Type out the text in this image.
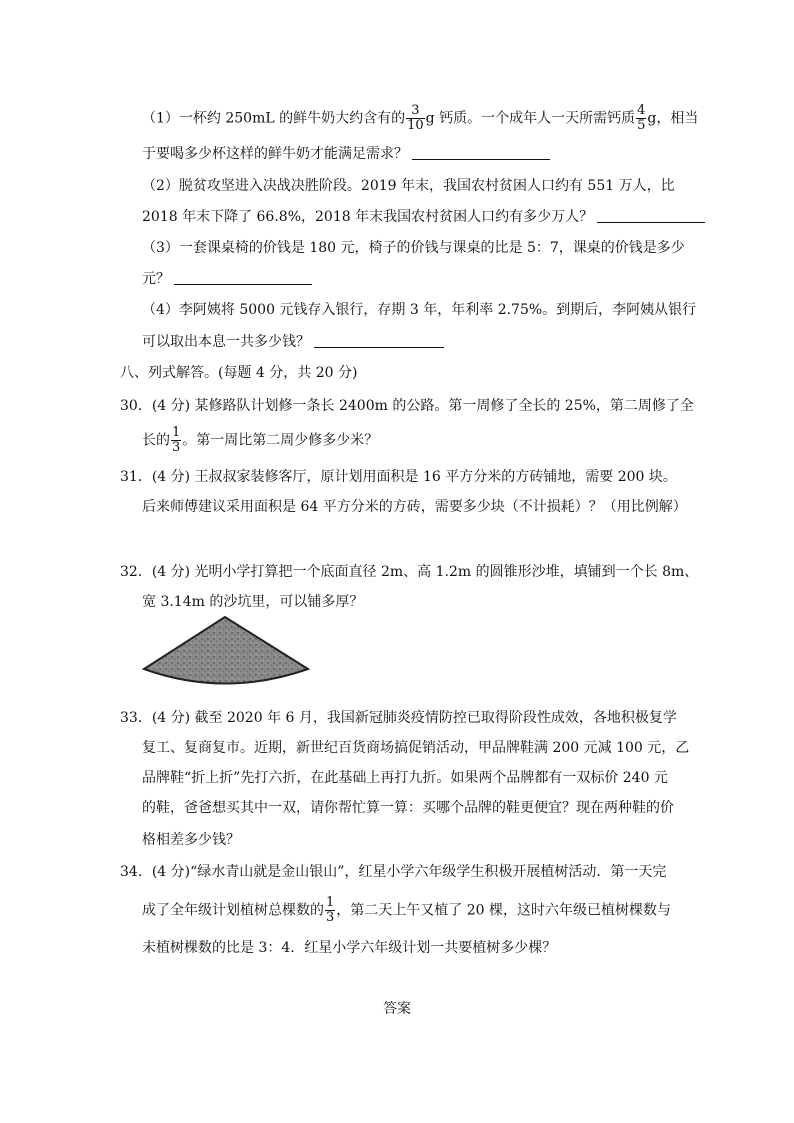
（1）一杯约 250mL 的鲜牛奶大约含有的 $\frac{3}{10}$ g 钙质。一个成年人一天所需钙质 $\frac{4}{5}$ g，相当
于要喝多少杯这样的鲜牛奶才能满足需求？
（2）脱贫攻坚进入决战决胜阶段。2019 年末，我国农村贫困人口约有 551 万人，比
2018 年末下降了 66.8%，2018 年末我国农村贫困人口约有多少万人？
（3）一套课桌椅的价钱是 180 元，椅子的价钱与课桌的比是 5：7，课桌的价钱是多少
元？
（4）李阿姨将 5000 元钱存入银行，存期 3 年，年利率 2.75%。到期后，李阿姨从银行
可以取出本息一共多少钱？
八、列式解答。(每题 4 分，共 20 分)
30．(4 分) 某修路队计划修一条长 2400m 的公路。第一周修了全长的 25%，第二周修了全
长的 $\frac{1}{3}$ 。第一周比第二周少修多少米？
31．(4 分) 王叔叔家装修客厅，原计划用面积是 16 平方分米的方砖铺地，需要 200 块。
后来师傅建议采用面积是 64 平方分米的方砖，需要多少块（不计损耗）？（用比例解）
32．(4 分) 光明小学打算把一个底面直径 2m、高 1.2m 的圆锥形沙堆，填铺到一个长 8m、
宽 3.14m 的沙坑里，可以铺多厚？
33．(4 分) 截至 2020 年 6 月，我国新冠肺炎疫情防控已取得阶段性成效，各地积极复学
复工、复商复市。近期，新世纪百货商场搞促销活动，甲品牌鞋满 200 元减 100 元，乙
品牌鞋“折上折”先打六折，在此基础上再打九折。如果两个品牌都有一双标价 240 元
的鞋，爸爸想买其中一双，请你帮忙算一算：买哪个品牌的鞋更便宜？现在两种鞋的价
格相差多少钱？
34．(4 分)“绿水青山就是金山银山”，红星小学六年级学生积极开展植树活动．第一天完
成了全年级计划植树总棵数的 $\frac{1}{3}$ ，第二天上午又植了 20 棵，这时六年级已植树棵数与
未植树棵数的比是 3：4．红星小学六年级计划一共要植树多少棵？
答案
